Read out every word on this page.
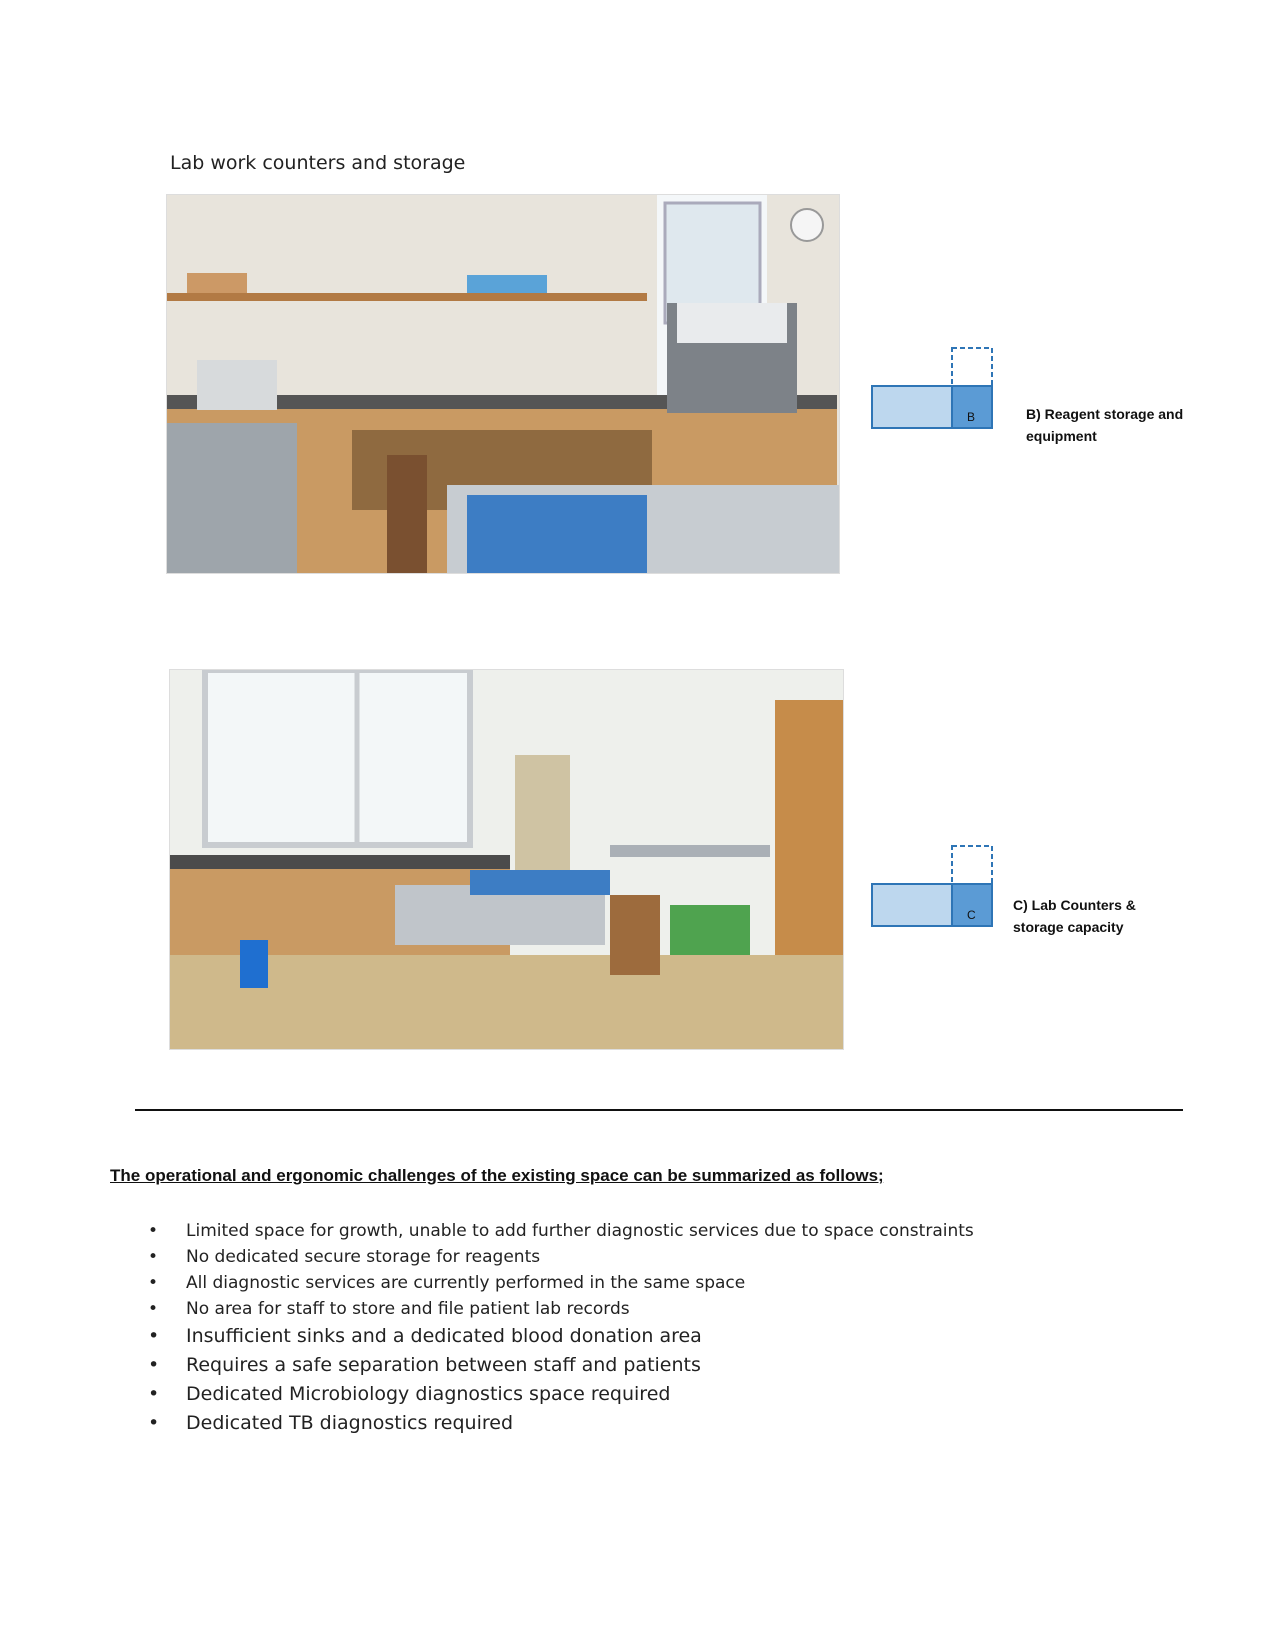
Lab work counters and storage
B	B) Reagent storage and
equipment
C
C) Lab Counters &
storage capacity
The operational and ergonomic challenges of the existing space can be summarized as follows;
• Limited space for growth, unable to add further diagnostic services due to space constraints
• No dedicated secure storage for reagents
• All diagnostic services are currently performed in the same space
• No area for staff to store and file patient lab records
• Insufficient sinks and a dedicated blood donation area
• Requires a safe separation between staff and patients
• Dedicated Microbiology diagnostics space required
• Dedicated TB diagnostics required
